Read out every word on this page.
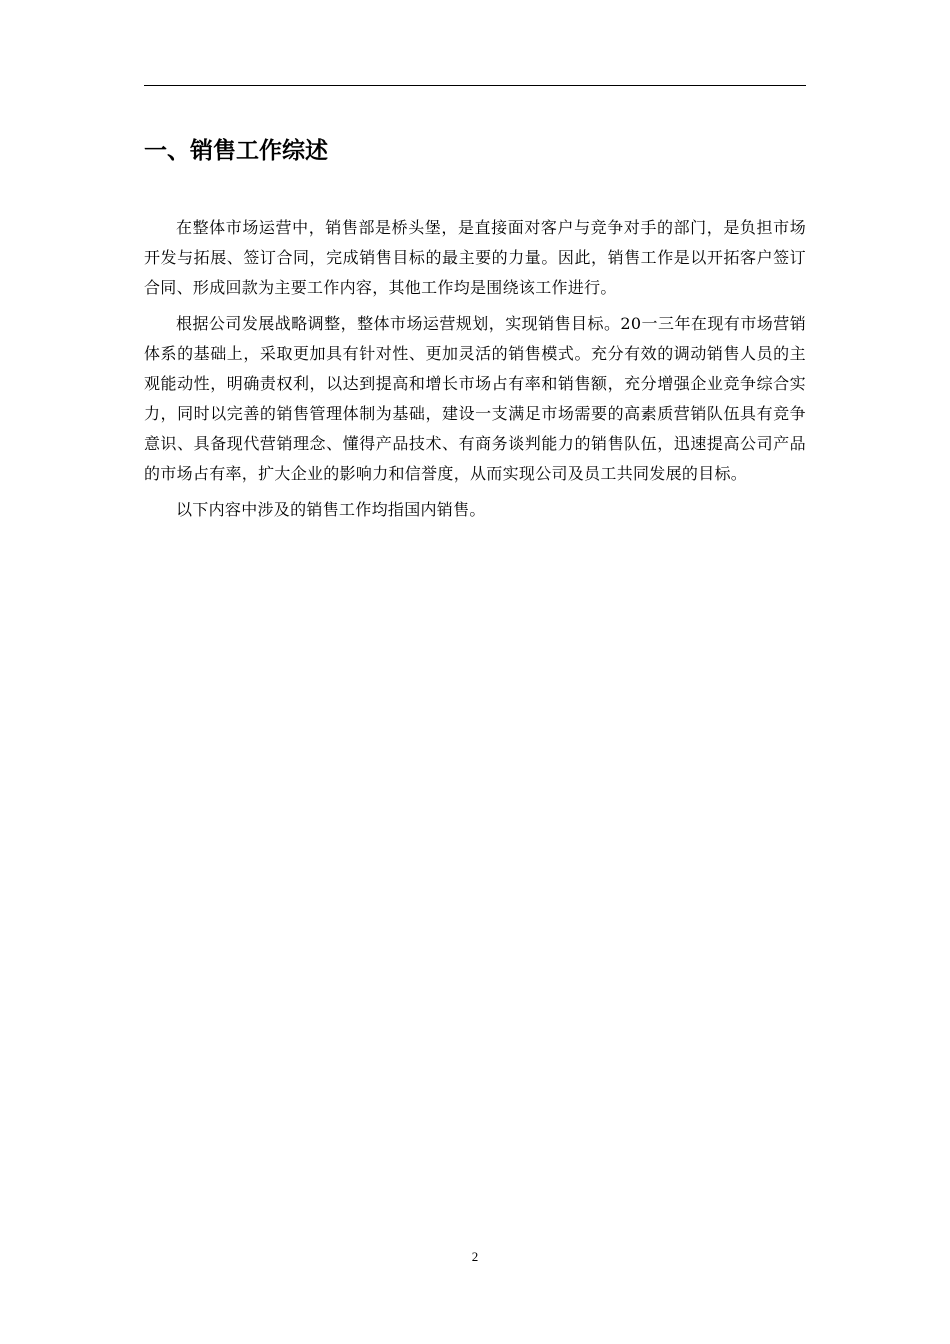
一、销售工作综述

在整体市场运营中，销售部是桥头堡，是直接面对客户与竞争对手的部门，是负担市场开发与拓展、签订合同，完成销售目标的最主要的力量。因此，销售工作是以开拓客户签订合同、形成回款为主要工作内容，其他工作均是围绕该工作进行。

根据公司发展战略调整，整体市场运营规划，实现销售目标。20一三年在现有市场营销体系的基础上，采取更加具有针对性、更加灵活的销售模式。充分有效的调动销售人员的主观能动性，明确责权利，以达到提高和增长市场占有率和销售额，充分增强企业竞争综合实力，同时以完善的销售管理体制为基础，建设一支满足市场需要的高素质营销队伍具有竞争意识、具备现代营销理念、懂得产品技术、有商务谈判能力的销售队伍，迅速提高公司产品的市场占有率，扩大企业的影响力和信誉度，从而实现公司及员工共同发展的目标。

以下内容中涉及的销售工作均指国内销售。

2
